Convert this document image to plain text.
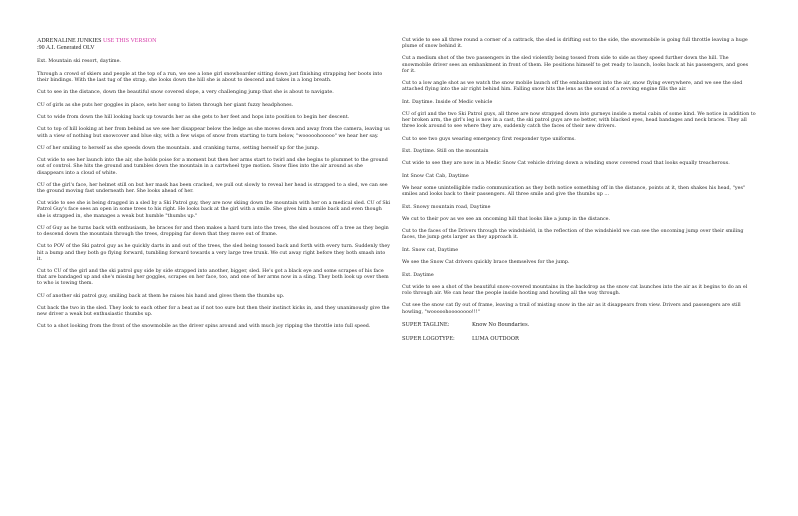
ADRENALINE JUNKIES USE THIS VERSION
:90 A.I. Generated OLV

Ext. Mountain ski resort, daytime.

Through a crowd of skiers and people at the top of a run, we see a lone girl snowboarder sitting down just finishing strapping her boots into their bindings. With the last tug of the strap, she looks down the hill she is about to descend and takes in a long breath.

Cut to see in the distance, down the beautiful snow covered slope, a very challenging jump that she is about to navigate.

CU of girls as she puts her goggles in place, sets her song to listen through her giant fuzzy headphones.

Cut to wide from down the hill looking back up towards her as she gets to her feet and hops into position to begin her descent.

Cut to top of hill looking at her from behind as we see her disappear below the ledge as she moves down and away from the camera, leaving us with a view of nothing but snowcover and blue sky, with a few wisps of snow from starting to turn below, "wooooohooooo" we hear her say.

CU of her smiling to herself as she speeds down the mountain. and cranking turns, setting herself up for the jump.

Cut wide to see her launch into the air, she holds poise for a moment but then her arms start to twirl and she begins to plummet to the ground out of control. She hits the ground and tumbles down the mountain in a cartwheel type motion. Snow flies into the air around as she disappears into a cloud of white.

CU of the girl's face, her helmet still on but her mask has been cracked, we pull out slowly to reveal her head is strapped to a sled, we can see the ground moving fast underneath her. She looks ahead of her.

Cut wide to see she is being dragged in a sled by a Ski Patrol guy, they are now skiing down the mountain with her on a medical sled. CU of Ski Patrol Guy's face sees an open in some trees to his right. He looks back at the girl with a smile. She gives him a smile back and even though she is strapped in, she manages a weak but humble "thumbs up."

CU of Guy as he turns back with enthusiasm, he braces for and then makes a hard turn into the trees, the sled bounces off a tree as they begin to descend down the mountain through the trees, dropping far down that they move out of frame.

Cut to POV of the Ski patrol guy as he quickly darts in and out of the trees, the sled being tossed back and forth with every turn. Suddenly they hit a bump and they both go flying forward, tumbling forward towards a very large tree trunk. We cut away right before they both smash into it.

Cut to CU of the girl and the ski patrol guy side by side strapped into another, bigger, sled. He's got a black eye and some scrapes of his face that are bandaged up and she's missing her goggles, scrapes on her face, too, and one of her arms now in a sling. They both look up over them to who is towing them.

CU of another ski patrol guy, smiling back at them he raises his hand and gives them the thumbs up.

Cut back the two in the sled. They look to each other for a beat as if not too sure but then their instinct kicks in, and they unanimously give the new driver a weak but enthusiastic thumbs up.

Cut to a shot looking from the front of the snowmobile as the driver spins around and with much joy ripping the throttle into full speed.

Cut wide to see all three round a corner of a cattrack, the sled is drifting out to the side, the snowmobile is going full throttle leaving a huge plume of snow behind it.

Cut a medium shot of the two passengers in the sled violently being tossed from side to side as they speed further down the hill. The snowmobile driver sees an embankment in front of them. He positions himself to get ready to launch, looks back at his passengers, and goes for it.

Cut to a low angle shot as we watch the snow mobile launch off the embankment into the air, snow flying everywhere, and we see the sled attached flying into the air right behind him. Falling snow hits the lens as the sound of a revving engine fills the air.

Int. Daytime. Inside of Medic vehicle

CU of girl and the two Ski Patrol guys, all three are now strapped down into gurneys inside a metal cabin of some kind. We notice in addition to her broken arm, the girl's leg is now in a cast, the ski patrol guys are no better, with blacked eyes, head bandages and neck braces. They all three look around to see where they are, suddenly catch the faces of their new drivers.

Cut to see two guys wearing emergency first responder type uniforms.

Ext. Daytime. Still on the mountain

Cut wide to see they are now in a Medic Snow Cat vehicle driving down a winding snow covered road that looks equally treacherous.

Int Snow Cat Cab, Daytime

We hear some unintelligible radio communication as they both notice something off in the distance, points at it, then shakes his head, "yes" smiles and looks back to their passengers. All three smile and give the thumbs up ...

Ext. Snowy mountain road, Daytime

We cut to their pov as we see an oncoming hill that looks like a jump in the distance.

Cut to the faces of the Drivers through the windshield, in the reflection of the windshield we can see the oncoming jump over their smiling faces, the jump gets larger as they approach it.

Int. Snow cat, Daytime

We see the Snow Cat drivers quickly brace themselves for the jump.

Ext. Daytime

Cut wide to see a shot of the beautiful snow-covered mountains in the backdrop as the snow cat launches into the air as it begins to do an el rolo through air. We can hear the people inside hooting and howling all the way through.

Cut see the snow cat fly out of frame, leaving a trail of misting snow in the air as it disappears from view. Drivers and passengers are still howling, "wooooohoooooooo!!!"

SUPER TAGLINE:	Know No Boundaries.
SUPER LOGOTYPE:	LUMA OUTDOOR
